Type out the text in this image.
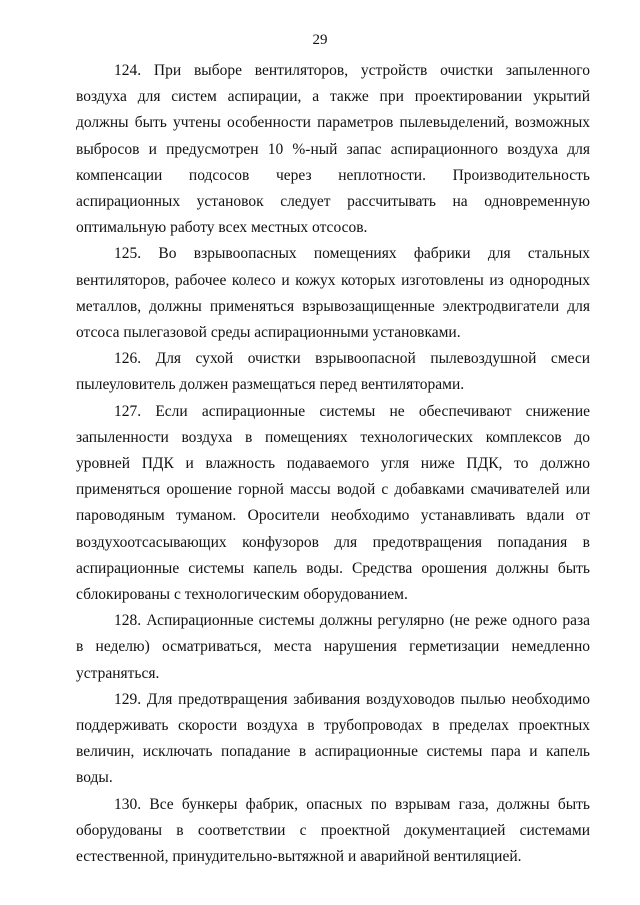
29

124. При выборе вентиляторов, устройств очистки запыленного воздуха для систем аспирации, а также при проектировании укрытий должны быть учтены особенности параметров пылевыделений, возможных выбросов и предусмотрен 10 %-ный запас аспирационного воздуха для компенсации подсосов через неплотности. Производительность аспирационных установок следует рассчитывать на одновременную оптимальную работу всех местных отсосов.

125. Во взрывоопасных помещениях фабрики для стальных вентиляторов, рабочее колесо и кожух которых изготовлены из однородных металлов, должны применяться взрывозащищенные электродвигатели для отсоса пылегазовой среды аспирационными установками.

126. Для сухой очистки взрывоопасной пылевоздушной смеси пылеуловитель должен размещаться перед вентиляторами.

127. Если аспирационные системы не обеспечивают снижение запыленности воздуха в помещениях технологических комплексов до уровней ПДК и влажность подаваемого угля ниже ПДК, то должно применяться орошение горной массы водой с добавками смачивателей или пароводяным туманом. Оросители необходимо устанавливать вдали от воздухоотсасывающих конфузоров для предотвращения попадания в аспирационные системы капель воды. Средства орошения должны быть сблокированы с технологическим оборудованием.

128. Аспирационные системы должны регулярно (не реже одного раза в неделю) осматриваться, места нарушения герметизации немедленно устраняться.

129. Для предотвращения забивания воздуховодов пылью необходимо поддерживать скорости воздуха в трубопроводах в пределах проектных величин, исключать попадание в аспирационные системы пара и капель воды.

130. Все бункеры фабрик, опасных по взрывам газа, должны быть оборудованы в соответствии с проектной документацией системами естественной, принудительно-вытяжной и аварийной вентиляцией.
